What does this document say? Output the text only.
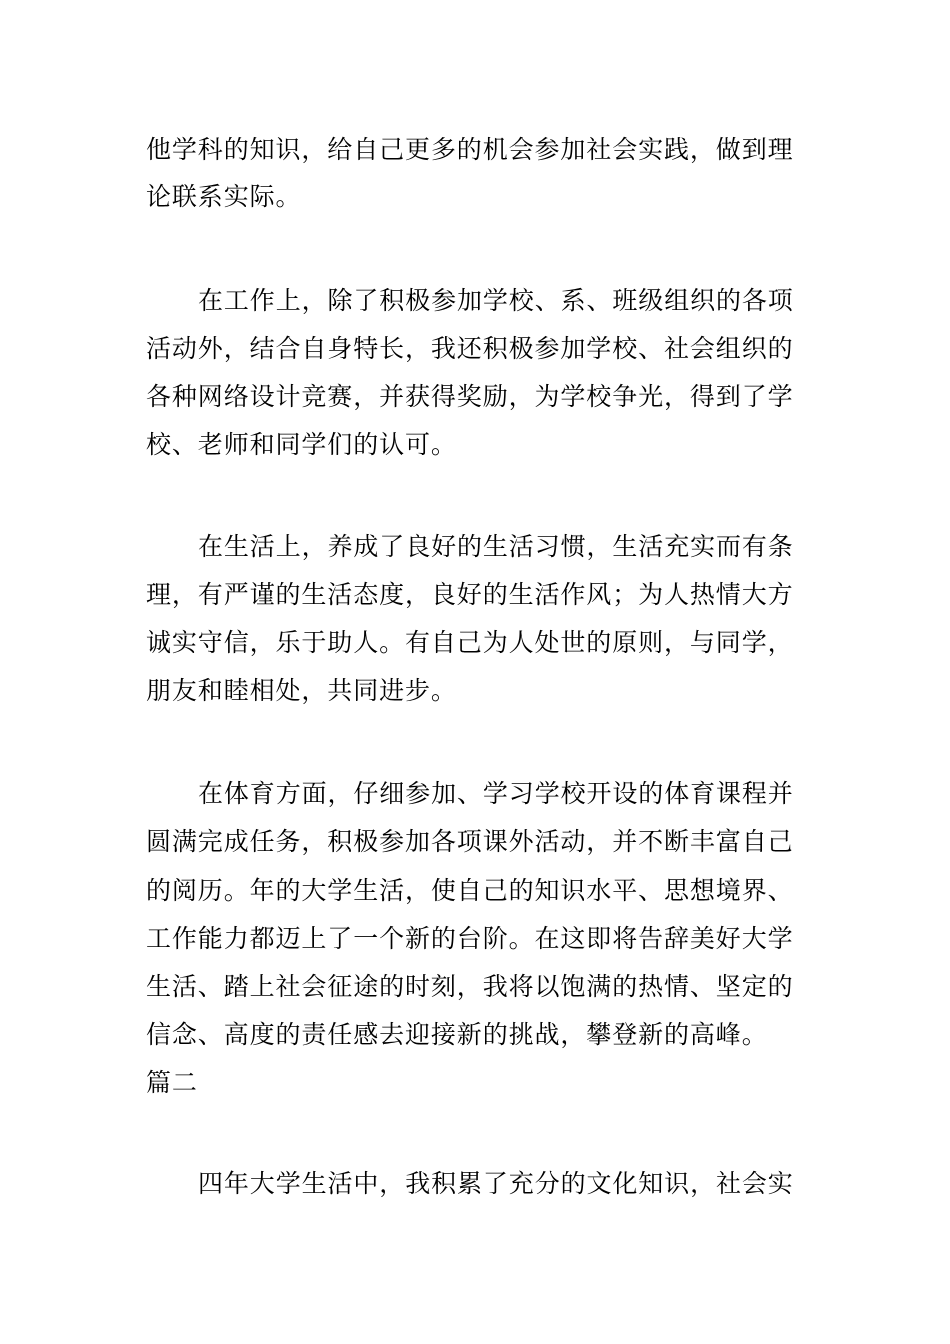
他学科的知识，给自己更多的机会参加社会实践，做到理
论联系实际。
在工作上，除了积极参加学校、系、班级组织的各项
活动外，结合自身特长，我还积极参加学校、社会组织的
各种网络设计竞赛，并获得奖励，为学校争光，得到了学
校、老师和同学们的认可。
在生活上，养成了良好的生活习惯，生活充实而有条
理，有严谨的生活态度，良好的生活作风；为人热情大方
诚实守信，乐于助人。有自己为人处世的原则，与同学，
朋友和睦相处，共同进步。
在体育方面，仔细参加、学习学校开设的体育课程并
圆满完成任务，积极参加各项课外活动，并不断丰富自己
的阅历。年的大学生活，使自己的知识水平、思想境界、
工作能力都迈上了一个新的台阶。在这即将告辞美好大学
生活、踏上社会征途的时刻，我将以饱满的热情、坚定的
信念、高度的责任感去迎接新的挑战，攀登新的高峰。
篇二
四年大学生活中，我积累了充分的文化知识，社会实
